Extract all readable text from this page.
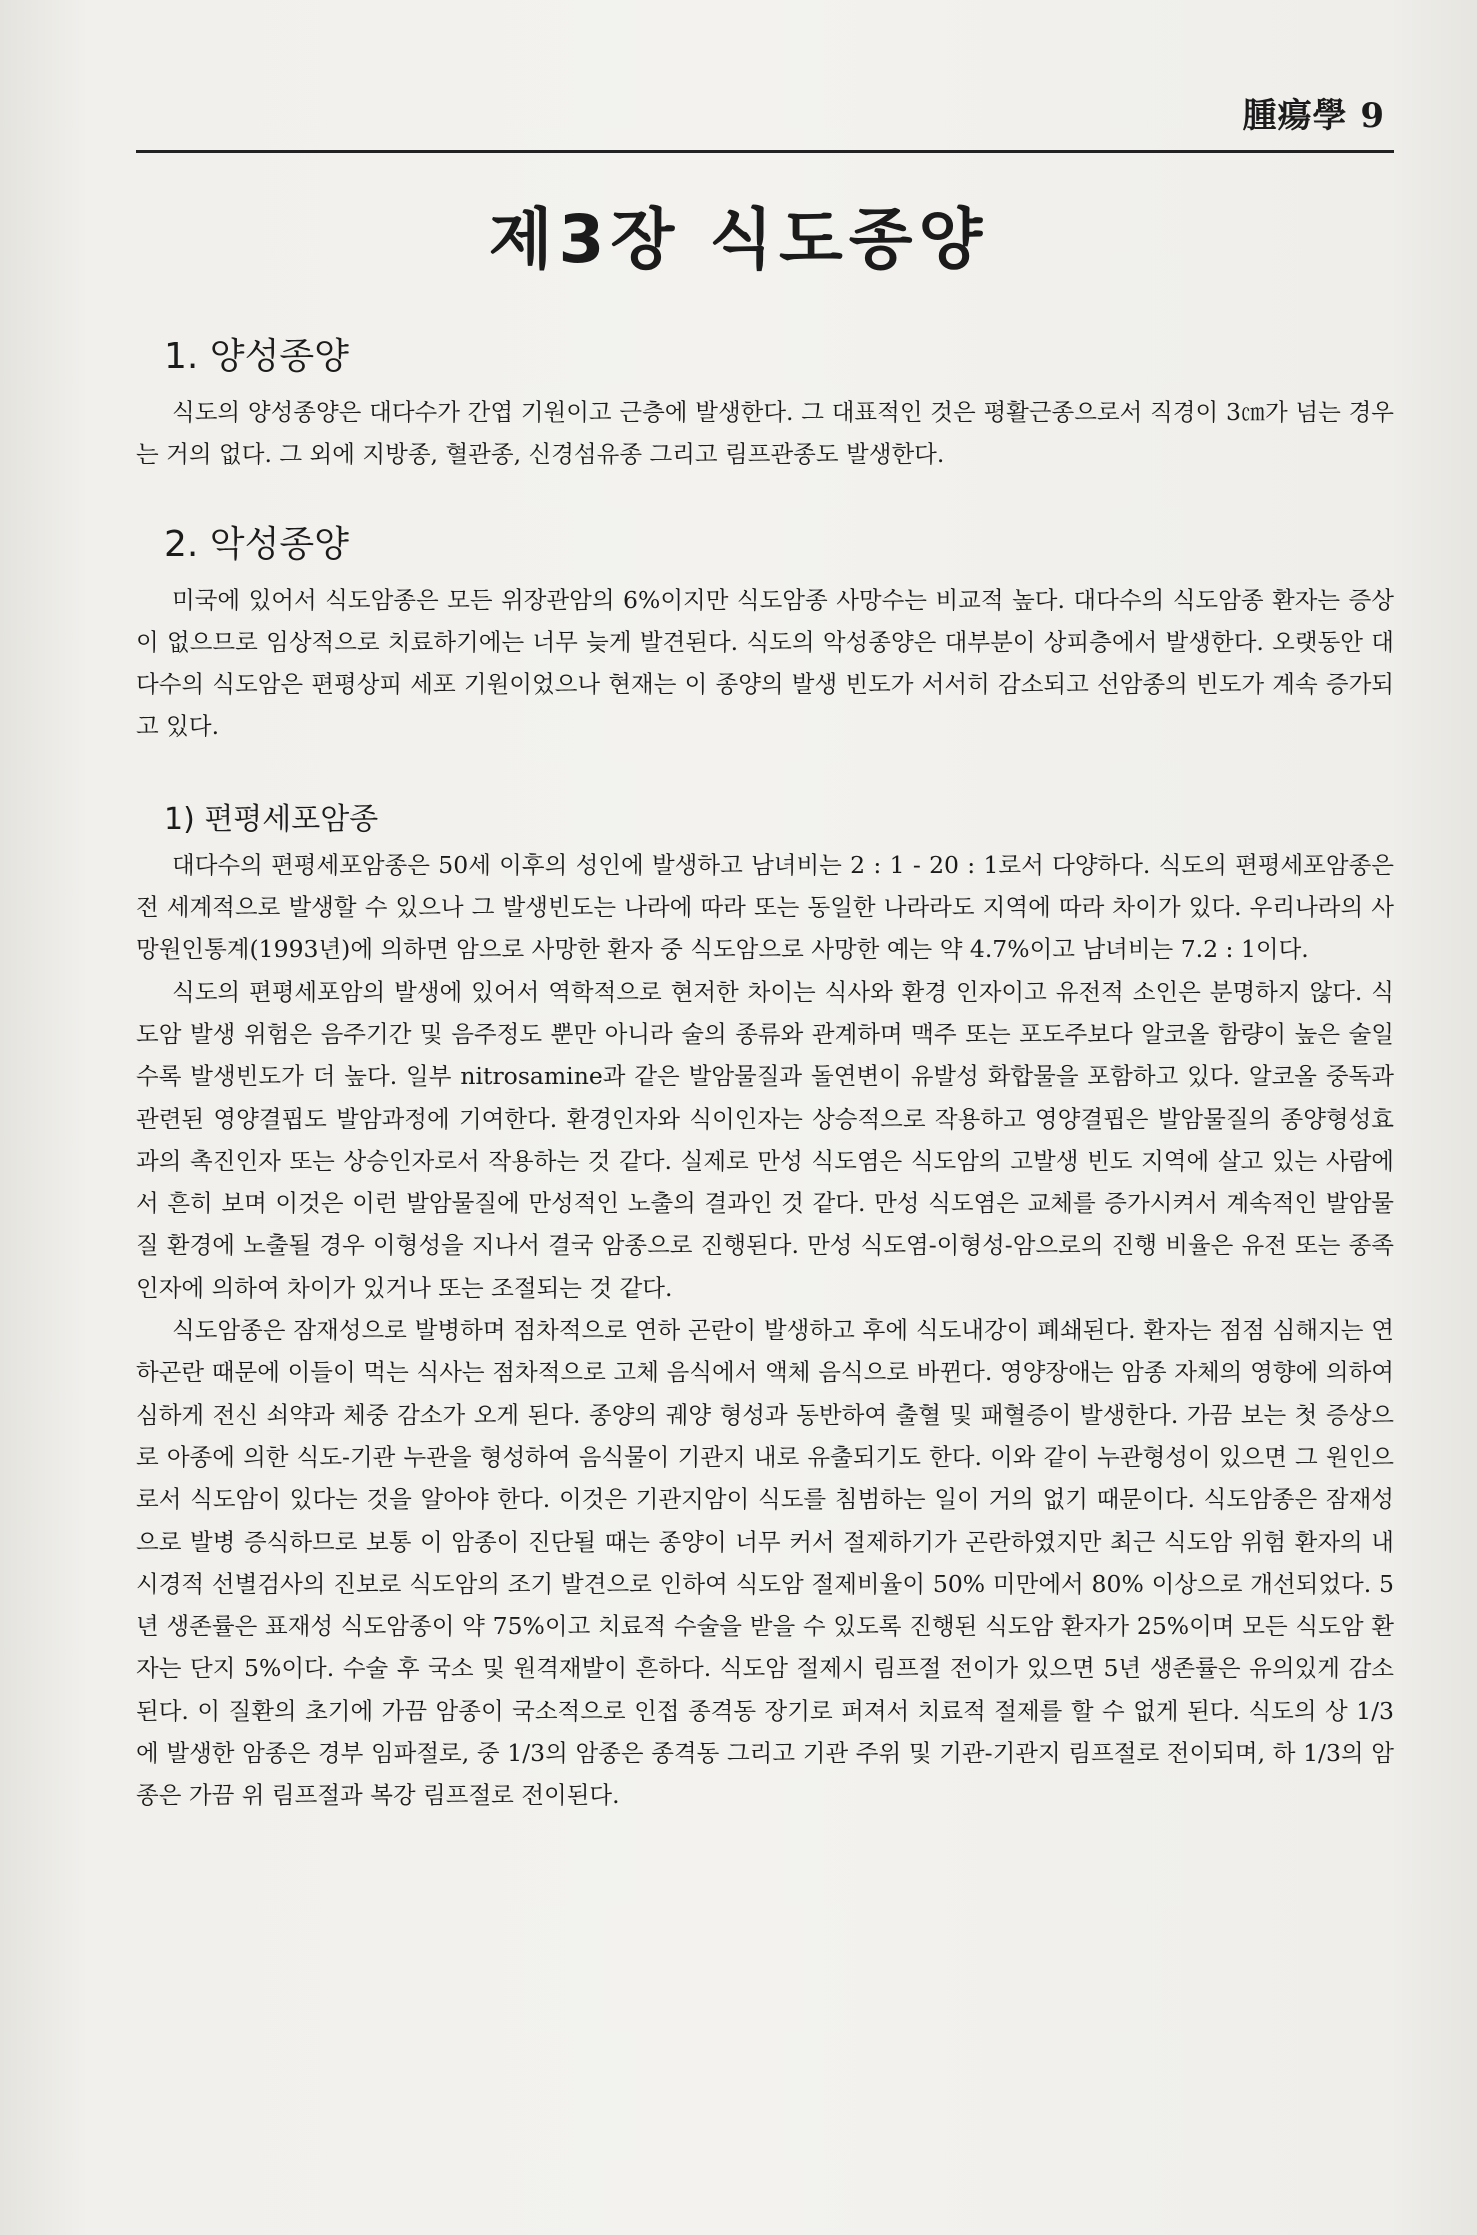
腫瘍學 9
제3장 식도종양
1. 양성종양

식도의 양성종양은 대다수가 간엽 기원이고 근층에 발생한다. 그 대표적인 것은 평활근종으로서 직경이 3㎝가 넘는 경우는 거의 없다. 그 외에 지방종, 혈관종, 신경섬유종 그리고 림프관종도 발생한다.

2. 악성종양

미국에 있어서 식도암종은 모든 위장관암의 6%이지만 식도암종 사망수는 비교적 높다. 대다수의 식도암종 환자는 증상이 없으므로 임상적으로 치료하기에는 너무 늦게 발견된다. 식도의 악성종양은 대부분이 상피층에서 발생한다. 오랫동안 대다수의 식도암은 편평상피 세포 기원이었으나 현재는 이 종양의 발생 빈도가 서서히 감소되고 선암종의 빈도가 계속 증가되고 있다.

1) 편평세포암종

대다수의 편평세포암종은 50세 이후의 성인에 발생하고 남녀비는 2 : 1 - 20 : 1로서 다양하다. 식도의 편평세포암종은 전 세계적으로 발생할 수 있으나 그 발생빈도는 나라에 따라 또는 동일한 나라라도 지역에 따라 차이가 있다. 우리나라의 사망원인통계(1993년)에 의하면 암으로 사망한 환자 중 식도암으로 사망한 예는 약 4.7%이고 남녀비는 7.2 : 1이다.

식도의 편평세포암의 발생에 있어서 역학적으로 현저한 차이는 식사와 환경 인자이고 유전적 소인은 분명하지 않다. 식도암 발생 위험은 음주기간 및 음주정도 뿐만 아니라 술의 종류와 관계하며 맥주 또는 포도주보다 알코올 함량이 높은 술일수록 발생빈도가 더 높다. 일부 nitrosamine과 같은 발암물질과 돌연변이 유발성 화합물을 포함하고 있다. 알코올 중독과 관련된 영양결핍도 발암과정에 기여한다. 환경인자와 식이인자는 상승적으로 작용하고 영양결핍은 발암물질의 종양형성효과의 촉진인자 또는 상승인자로서 작용하는 것 같다. 실제로 만성 식도염은 식도암의 고발생 빈도 지역에 살고 있는 사람에서 흔히 보며 이것은 이런 발암물질에 만성적인 노출의 결과인 것 같다. 만성 식도염은 교체를 증가시켜서 계속적인 발암물질 환경에 노출될 경우 이형성을 지나서 결국 암종으로 진행된다. 만성 식도염-이형성-암으로의 진행 비율은 유전 또는 종족인자에 의하여 차이가 있거나 또는 조절되는 것 같다.

식도암종은 잠재성으로 발병하며 점차적으로 연하 곤란이 발생하고 후에 식도내강이 폐쇄된다. 환자는 점점 심해지는 연하곤란 때문에 이들이 먹는 식사는 점차적으로 고체 음식에서 액체 음식으로 바뀐다. 영양장애는 암종 자체의 영향에 의하여 심하게 전신 쇠약과 체중 감소가 오게 된다. 종양의 궤양 형성과 동반하여 출혈 및 패혈증이 발생한다. 가끔 보는 첫 증상으로 아종에 의한 식도-기관 누관을 형성하여 음식물이 기관지 내로 유출되기도 한다. 이와 같이 누관형성이 있으면 그 원인으로서 식도암이 있다는 것을 알아야 한다. 이것은 기관지암이 식도를 침범하는 일이 거의 없기 때문이다. 식도암종은 잠재성으로 발병 증식하므로 보통 이 암종이 진단될 때는 종양이 너무 커서 절제하기가 곤란하였지만 최근 식도암 위험 환자의 내시경적 선별검사의 진보로 식도암의 조기 발견으로 인하여 식도암 절제비율이 50% 미만에서 80% 이상으로 개선되었다. 5년 생존률은 표재성 식도암종이 약 75%이고 치료적 수술을 받을 수 있도록 진행된 식도암 환자가 25%이며 모든 식도암 환자는 단지 5%이다. 수술 후 국소 및 원격재발이 흔하다. 식도암 절제시 림프절 전이가 있으면 5년 생존률은 유의있게 감소된다. 이 질환의 초기에 가끔 암종이 국소적으로 인접 종격동 장기로 퍼져서 치료적 절제를 할 수 없게 된다. 식도의 상 1/3에 발생한 암종은 경부 임파절로, 중 1/3의 암종은 종격동 그리고 기관 주위 및 기관-기관지 림프절로 전이되며, 하 1/3의 암종은 가끔 위 림프절과 복강 림프절로 전이된다.
